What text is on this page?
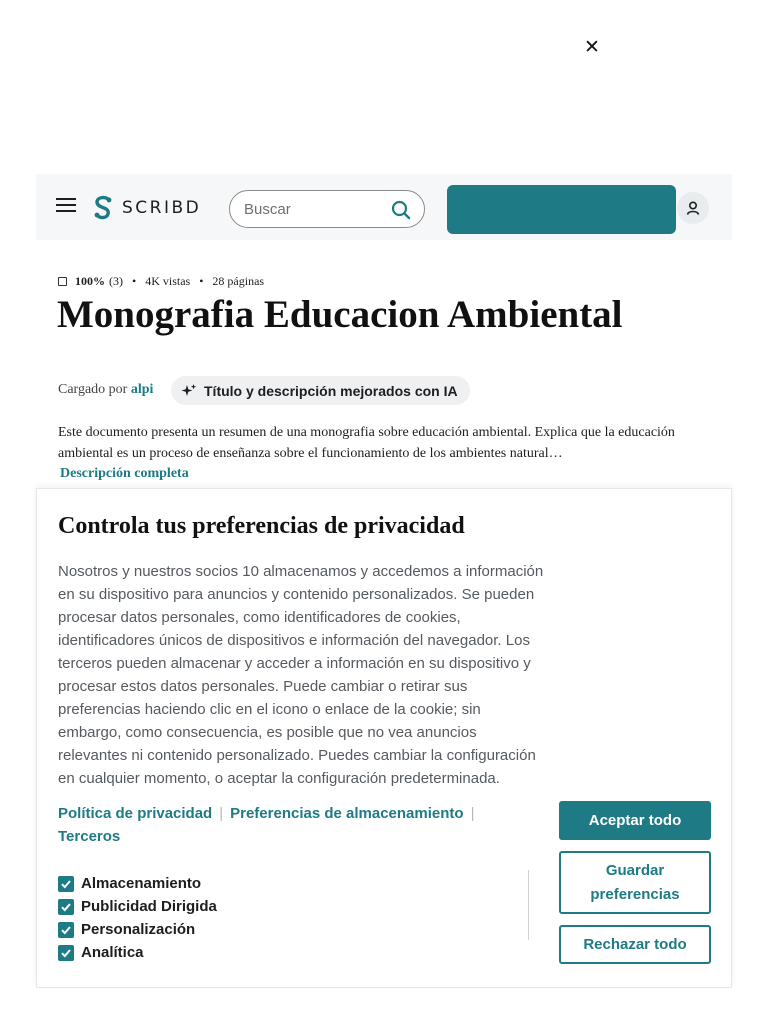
✕
SCRIBD
Buscar
100% (3) • 4K vistas • 28 páginas
Monografia Educacion Ambiental
Cargado por alpi	Título y descripción mejorados con IA

Este documento presenta un resumen de una monografia sobre educación ambiental. Explica que la educación ambiental es un proceso de enseñanza sobre el funcionamiento de los ambientes natural…

Descripción completa
Controla tus preferencias de privacidad

Nosotros y nuestros socios 10 almacenamos y accedemos a información en su dispositivo para anuncios y contenido personalizados. Se pueden procesar datos personales, como identificadores de cookies, identificadores únicos de dispositivos e información del navegador. Los terceros pueden almacenar y acceder a información en su dispositivo y procesar estos datos personales. Puede cambiar o retirar sus preferencias haciendo clic en el icono o enlace de la cookie; sin embargo, como consecuencia, es posible que no vea anuncios relevantes ni contenido personalizado. Puedes cambiar la configuración en cualquier momento, o aceptar la configuración predeterminada.

Política de privacidad | Preferencias de almacenamiento |
Terceros
Almacenamiento
Publicidad Dirigida
Personalización
Analítica
Aceptar todo
Guardar preferencias
Rechazar todo
